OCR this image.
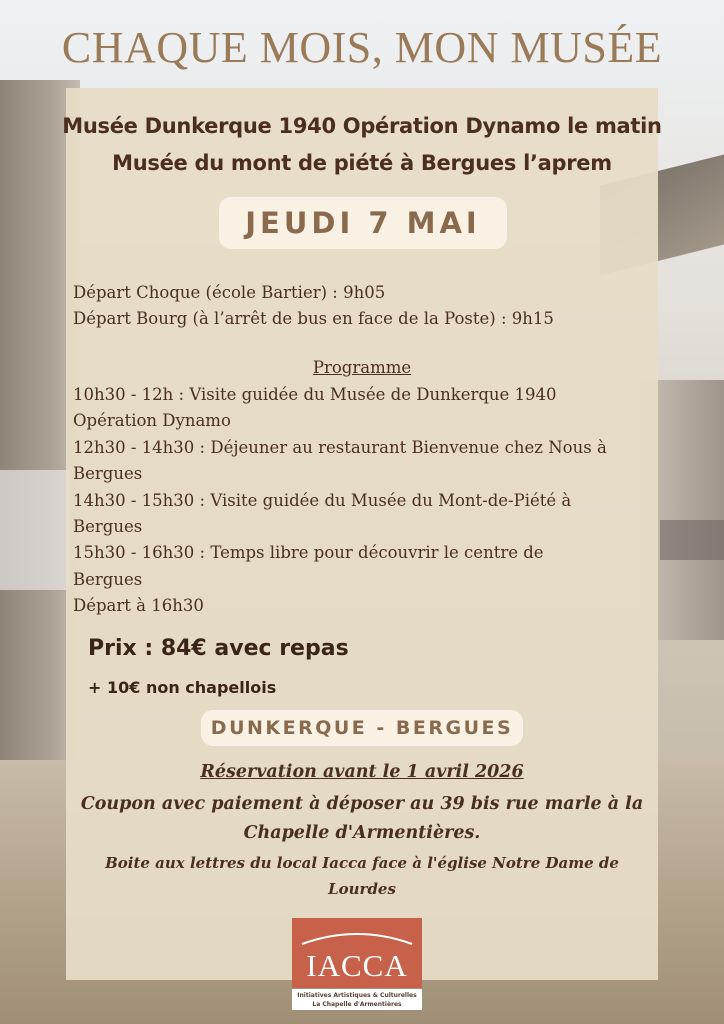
CHAQUE MOIS, MON MUSÉE
Musée Dunkerque 1940 Opération Dynamo le matin
Musée du mont de piété à Bergues l’aprem
JEUDI 7 MAI
Départ Choque (école Bartier) : 9h05
Départ Bourg (à l’arrêt de bus en face de la Poste) : 9h15
Programme
10h30 - 12h : Visite guidée du Musée de Dunkerque 1940
Opération Dynamo
12h30 - 14h30 : Déjeuner au restaurant Bienvenue chez Nous à
Bergues
14h30 - 15h30 : Visite guidée du Musée du Mont-de-Piété à
Bergues
15h30 - 16h30 : Temps libre pour découvrir le centre de
Bergues
Départ à 16h30
Prix : 84€ avec repas
+ 10€ non chapellois
DUNKERQUE - BERGUES
Réservation avant le 1 avril 2026
Coupon avec paiement à déposer au 39 bis rue marle à la
Chapelle d'Armentières.
Boite aux lettres du local Iacca face à l'église Notre Dame de
Lourdes
IACCA
Initiatives Artistiques & Culturelles
La Chapelle d'Armentières
